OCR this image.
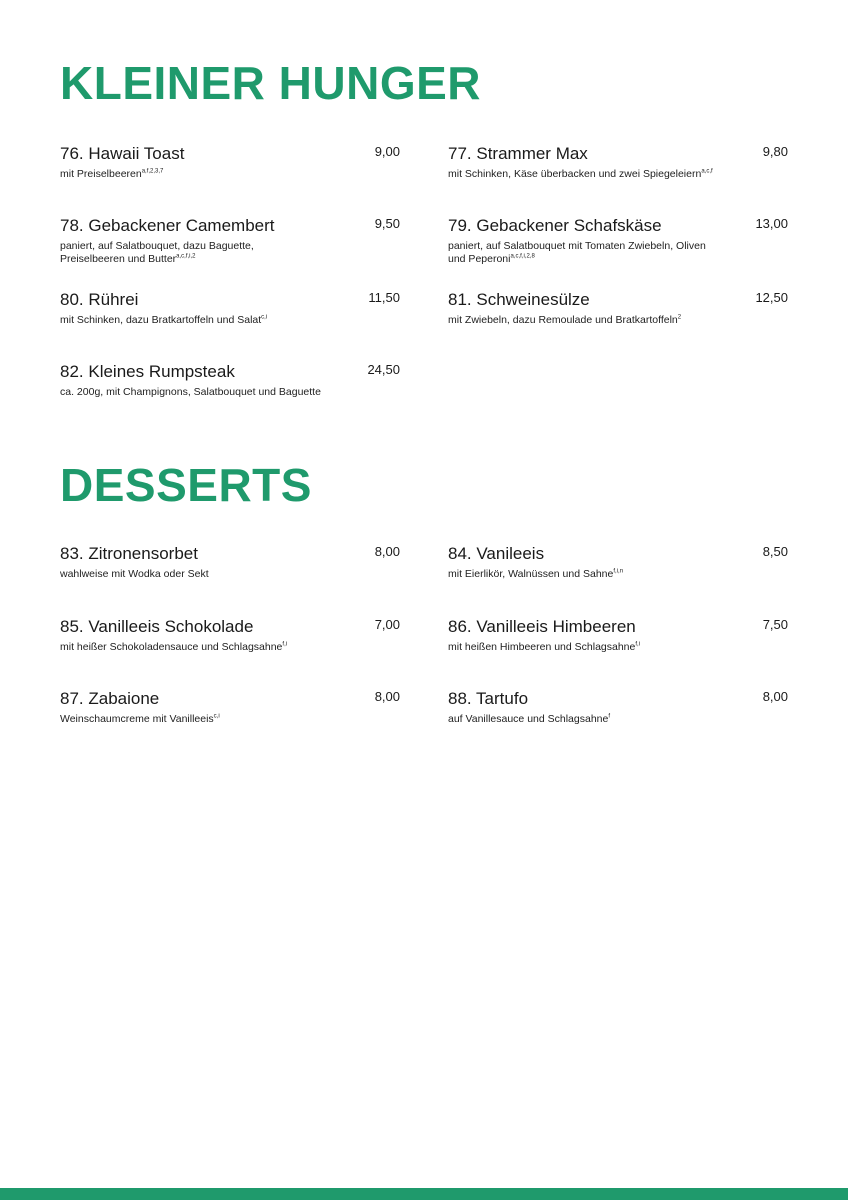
KLEINER HUNGER
76. Hawaii Toast	9,00
mit Preiselbeeren$^{a,f,2,3,7}$
77. Strammer Max	9,80
mit Schinken, Käse überbacken und zwei Spiegeleiern$^{a,c,f}$
78. Gebackener Camembert	9,50
paniert, auf Salatbouquet, dazu Baguette, Preiselbeeren und Butter$^{a,c,f,i,2}$
79. Gebackener Schafskäse	13,00
paniert, auf Salatbouquet mit Tomaten Zwiebeln, Oliven und Peperoni$^{a,c,f,i,2,8}$
80. Rührei	11,50
mit Schinken, dazu Bratkartoffeln und Salat$^{c,i}$
81. Schweinesülze	12,50
mit Zwiebeln, dazu Remoulade und Bratkartoffeln$^2$
82. Kleines Rumpsteak	24,50
ca. 200g, mit Champignons, Salatbouquet und Baguette
DESSERTS
83. Zitronensorbet	8,00
wahlweise mit Wodka oder Sekt
84. Vanileeis	8,50
mit Eierlikör, Walnüssen und Sahne$^{f,i,n}$
85. Vanilleeis Schokolade	7,00
mit heißer Schokoladensauce und Schlagsahne$^{f,i}$
86. Vanilleeis Himbeeren	7,50
mit heißen Himbeeren und Schlagsahne$^{f,i}$
87. Zabaione	8,00
Weinschaumcreme mit Vanilleeis$^{c,i}$
88. Tartufo	8,00
auf Vanillesauce und Schlagsahne$^f$
